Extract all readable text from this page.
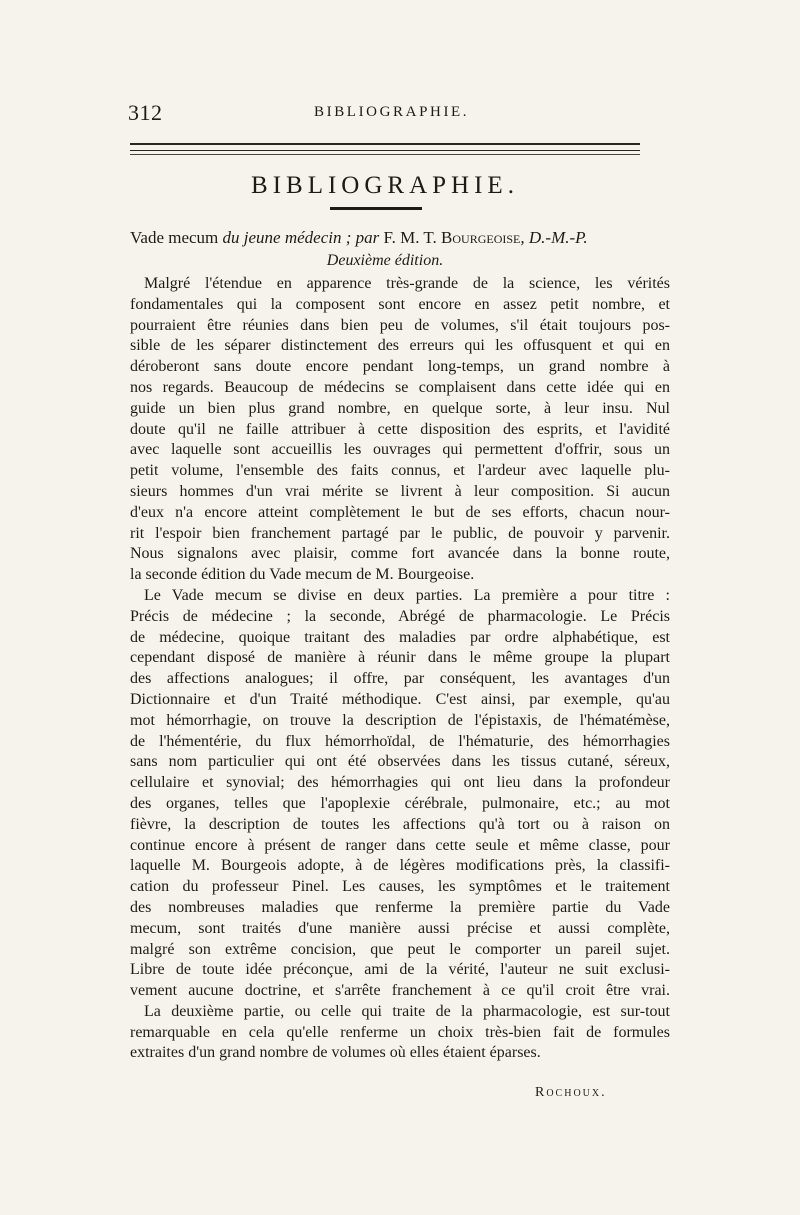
312	BIBLIOGRAPHIE.
BIBLIOGRAPHIE.
Vade mecum du jeune médecin ; par F. M. T. Bourgeoise, D.-M.-P.
Deuxième édition.
Malgré l'étendue en apparence très-grande de la science, les vérités
fondamentales qui la composent sont encore en assez petit nombre, et
pourraient être réunies dans bien peu de volumes, s'il était toujours pos-
sible de les séparer distinctement des erreurs qui les offusquent et qui en
déroberont sans doute encore pendant long-temps, un grand nombre à
nos regards. Beaucoup de médecins se complaisent dans cette idée qui en
guide un bien plus grand nombre, en quelque sorte, à leur insu. Nul
doute qu'il ne faille attribuer à cette disposition des esprits, et l'avidité
avec laquelle sont accueillis les ouvrages qui permettent d'offrir, sous un
petit volume, l'ensemble des faits connus, et l'ardeur avec laquelle plu-
sieurs hommes d'un vrai mérite se livrent à leur composition. Si aucun
d'eux n'a encore atteint complètement le but de ses efforts, chacun nour-
rit l'espoir bien franchement partagé par le public, de pouvoir y parvenir.
Nous signalons avec plaisir, comme fort avancée dans la bonne route,
la seconde édition du Vade mecum de M. Bourgeoise.
Le Vade mecum se divise en deux parties. La première a pour titre :
Précis de médecine ; la seconde, Abrégé de pharmacologie. Le Précis
de médecine, quoique traitant des maladies par ordre alphabétique, est
cependant disposé de manière à réunir dans le même groupe la plupart
des affections analogues; il offre, par conséquent, les avantages d'un
Dictionnaire et d'un Traité méthodique. C'est ainsi, par exemple, qu'au
mot hémorrhagie, on trouve la description de l'épistaxis, de l'hématémèse,
de l'hémentérie, du flux hémorrhoïdal, de l'hématurie, des hémorrhagies
sans nom particulier qui ont été observées dans les tissus cutané, séreux,
cellulaire et synovial; des hémorrhagies qui ont lieu dans la profondeur
des organes, telles que l'apoplexie cérébrale, pulmonaire, etc.; au mot
fièvre, la description de toutes les affections qu'à tort ou à raison on
continue encore à présent de ranger dans cette seule et même classe, pour
laquelle M. Bourgeois adopte, à de légères modifications près, la classifi-
cation du professeur Pinel. Les causes, les symptômes et le traitement
des nombreuses maladies que renferme la première partie du Vade
mecum, sont traités d'une manière aussi précise et aussi complète,
malgré son extrême concision, que peut le comporter un pareil sujet.
Libre de toute idée préconçue, ami de la vérité, l'auteur ne suit exclusi-
vement aucune doctrine, et s'arrête franchement à ce qu'il croit être vrai.
La deuxième partie, ou celle qui traite de la pharmacologie, est sur-tout
remarquable en cela qu'elle renferme un choix très-bien fait de formules
extraites d'un grand nombre de volumes où elles étaient éparses.
Rochoux.
